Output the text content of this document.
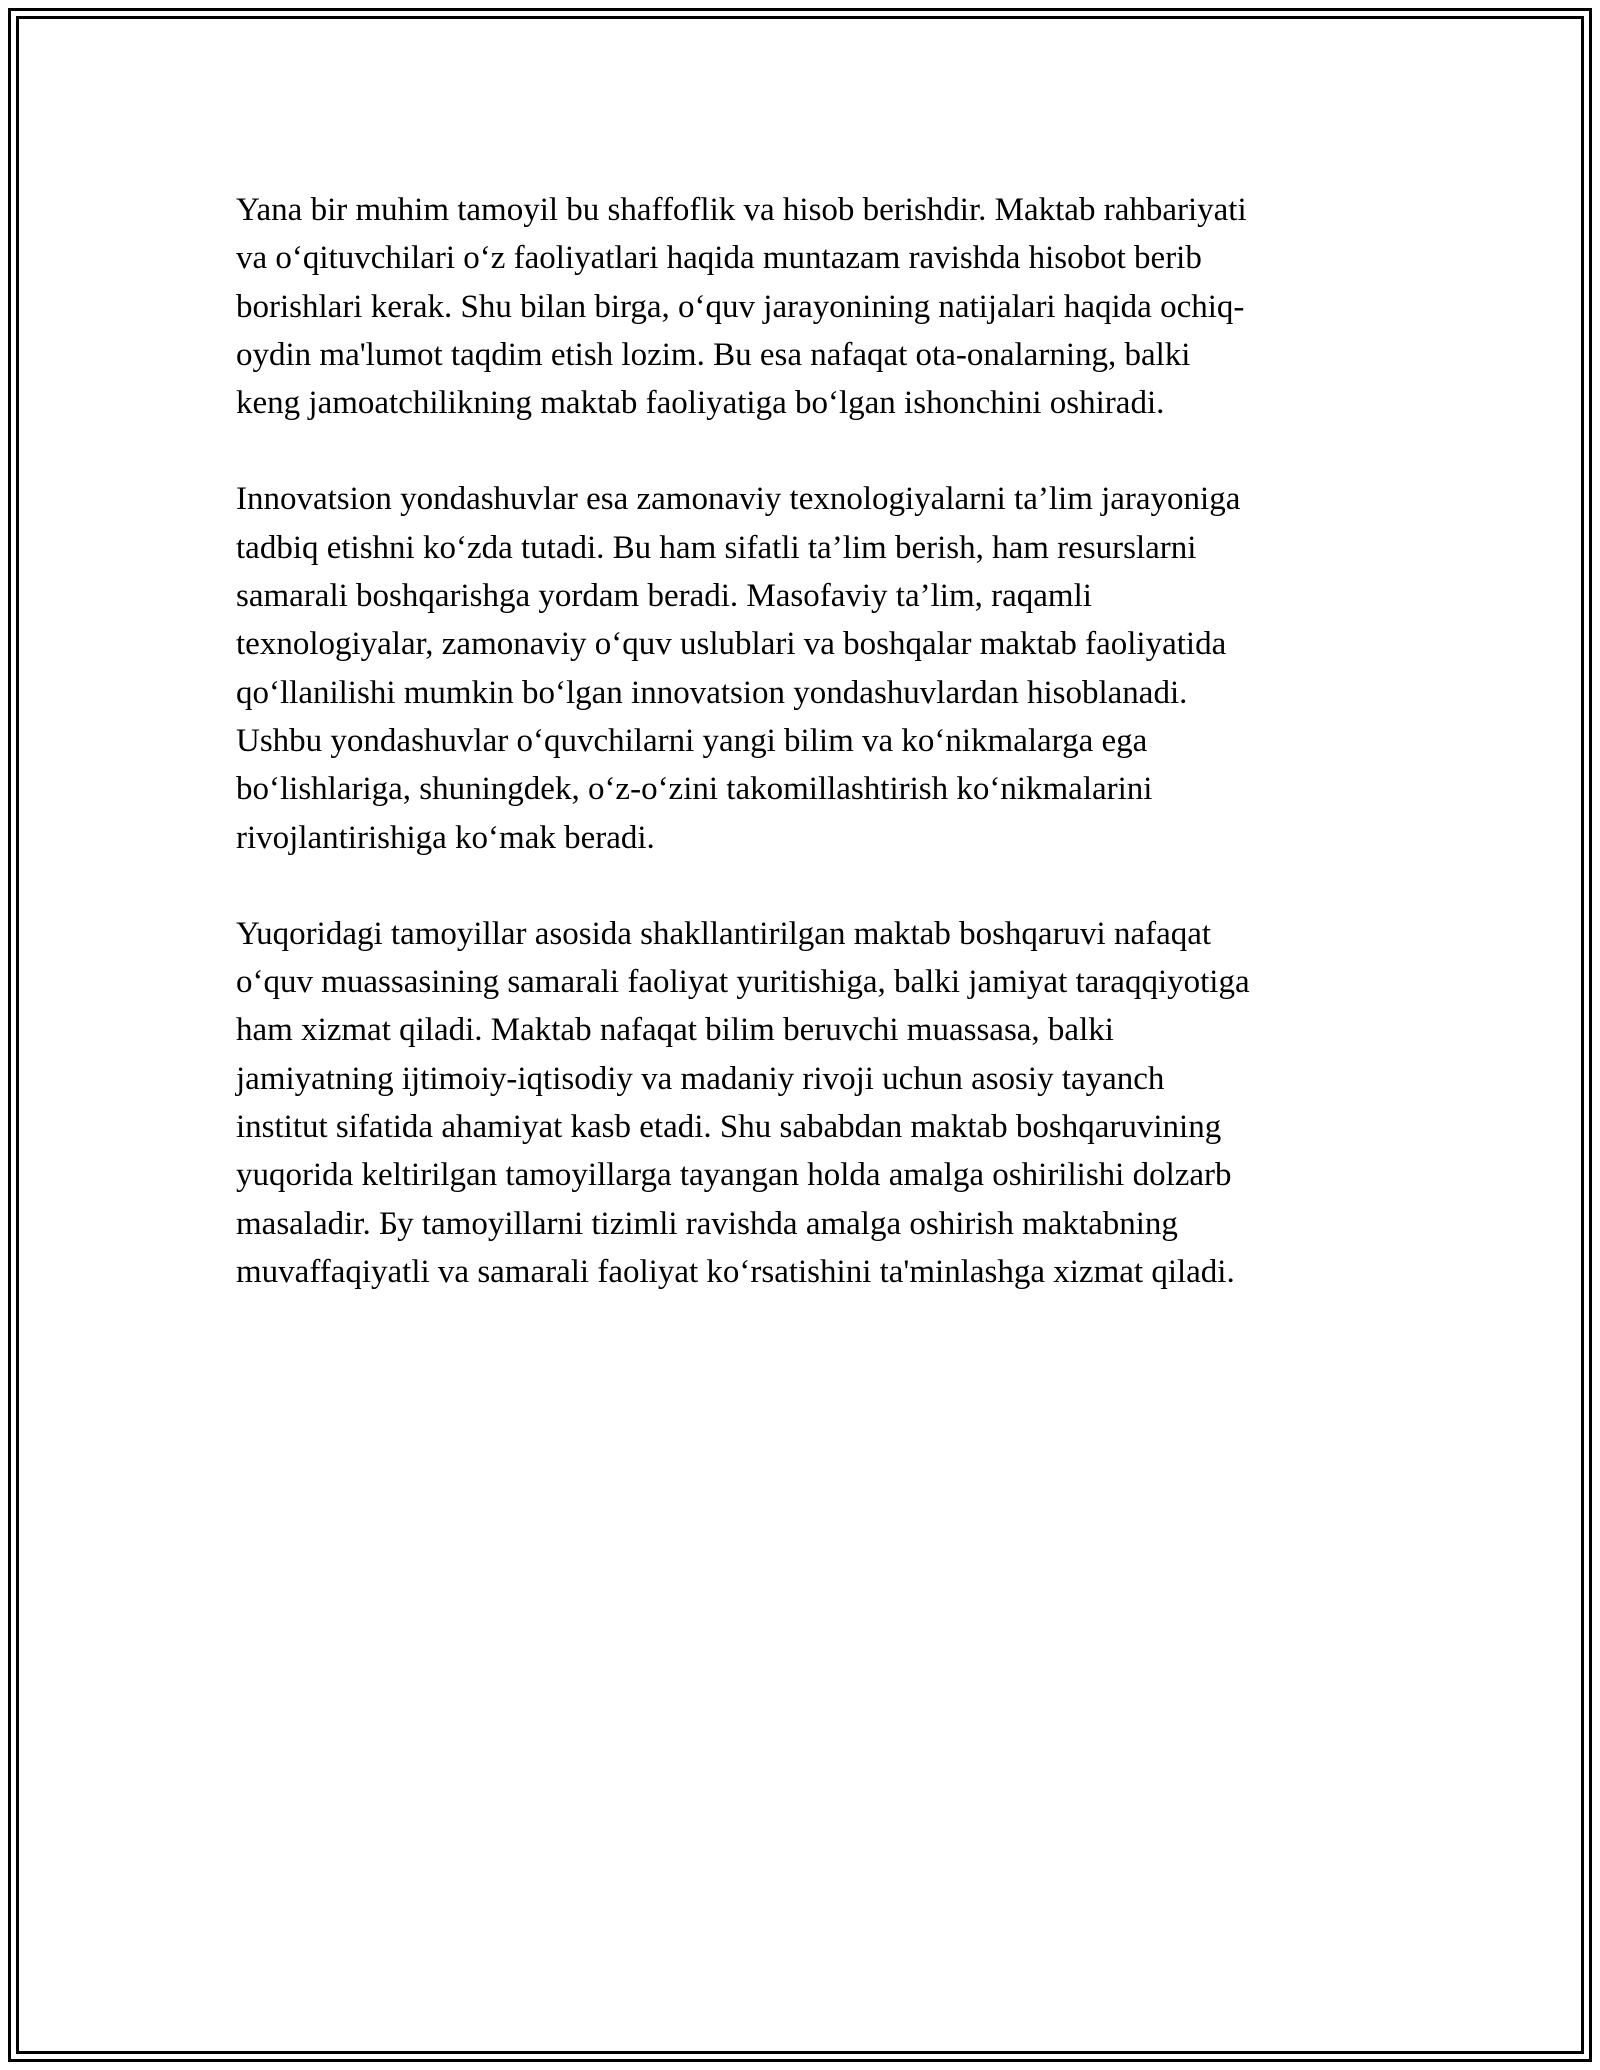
Yana bir muhim tamoyil bu shaffoflik va hisob berishdir. Maktab rahbariyati
va oʻqituvchilari oʻz faoliyatlari haqida muntazam ravishda hisobot berib
borishlari kerak. Shu bilan birga, oʻquv jarayonining natijalari haqida ochiq-
oydin ma'lumot taqdim etish lozim. Bu esa nafaqat ota-onalarning, balki
keng jamoatchilikning maktab faoliyatiga boʻlgan ishonchini oshiradi.

Innovatsion yondashuvlar esa zamonaviy texnologiyalarni ta’lim jarayoniga
tadbiq etishni koʻzda tutadi. Bu ham sifatli ta’lim berish, ham resurslarni
samarali boshqarishga yordam beradi. Masofaviy ta’lim, raqamli
texnologiyalar, zamonaviy oʻquv uslublari va boshqalar maktab faoliyatida
qoʻllanilishi mumkin boʻlgan innovatsion yondashuvlardan hisoblanadi.
Ushbu yondashuvlar oʻquvchilarni yangi bilim va koʻnikmalarga ega
boʻlishlariga, shuningdek, oʻz-oʻzini takomillashtirish koʻnikmalarini
rivojlantirishiga koʻmak beradi.

Yuqoridagi tamoyillar asosida shakllantirilgan maktab boshqaruvi nafaqat
oʻquv muassasining samarali faoliyat yuritishiga, balki jamiyat taraqqiyotiga
ham xizmat qiladi. Maktab nafaqat bilim beruvchi muassasa, balki
jamiyatning ijtimoiy-iqtisodiy va madaniy rivoji uchun asosiy tayanch
institut sifatida ahamiyat kasb etadi. Shu sababdan maktab boshqaruvining
yuqorida keltirilgan tamoyillarga tayangan holda amalga oshirilishi dolzarb
masaladir. Бу tamoyillarni tizimli ravishda amalga oshirish maktabning
muvaffaqiyatli va samarali faoliyat koʻrsatishini ta'minlashga xizmat qiladi.
